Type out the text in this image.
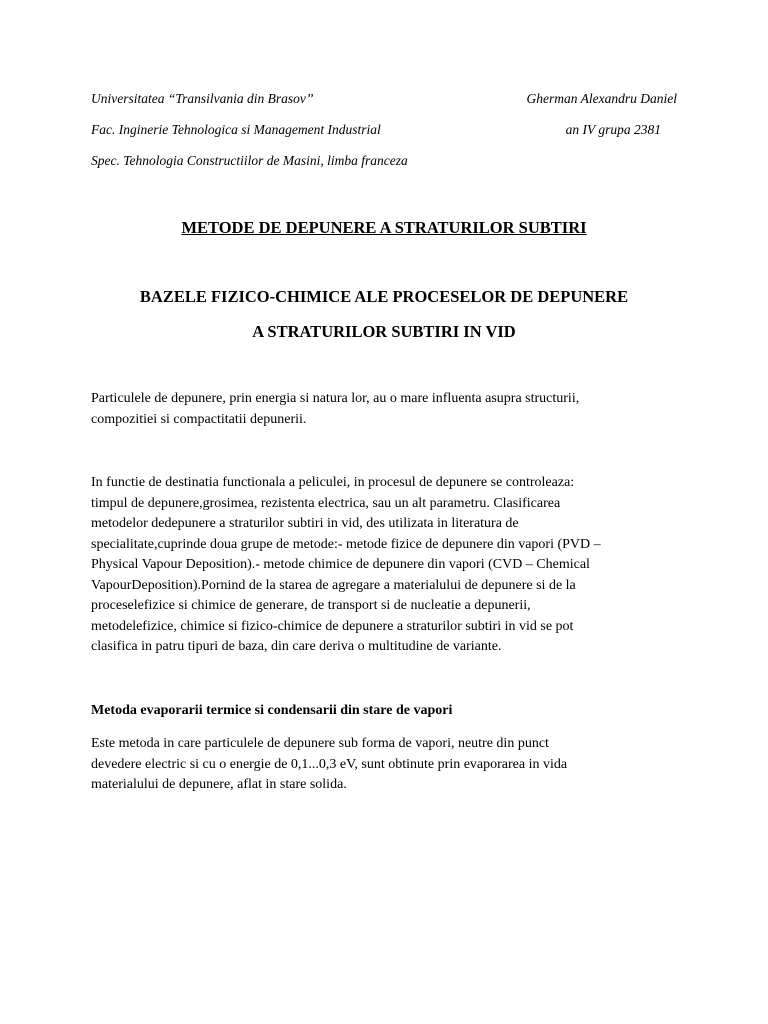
Universitatea “Transilvania din Brasov’’	Gherman Alexandru Daniel
Fac. Inginerie Tehnologica si Management Industrial	an IV grupa 2381
Spec. Tehnologia Constructiilor de Masini, limba franceza
METODE DE DEPUNERE A STRATURILOR SUBTIRI
BAZELE FIZICO-CHIMICE ALE PROCESELOR DE DEPUNERE
A STRATURILOR SUBTIRI IN VID
Particulele de depunere, prin energia si natura lor, au o mare influenta asupra structurii,
compozitiei si compactitatii depunerii.
In functie de destinatia functionala a peliculei, in procesul de depunere se controleaza:
timpul de depunere,grosimea, rezistenta electrica, sau un alt parametru. Clasificarea
metodelor dedepunere a straturilor subtiri in vid, des utilizata in literatura de
specialitate,cuprinde doua grupe de metode:- metode fizice de depunere din vapori (PVD –
Physical Vapour Deposition).- metode chimice de depunere din vapori (CVD – Chemical
VapourDeposition).Pornind de la starea de agregare a materialului de depunere si de la
proceselefizice si chimice de generare, de transport si de nucleatie a depunerii,
metodelefizice, chimice si fizico-chimice de depunere a straturilor subtiri in vid se pot
clasifica in patru tipuri de baza, din care deriva o multitudine de variante.
Metoda evaporarii termice si condensarii din stare de vapori
Este metoda in care particulele de depunere sub forma de vapori, neutre din punct
devedere electric si cu o energie de 0,1...0,3 eV, sunt obtinute prin evaporarea in vida
materialului de depunere, aflat in stare solida.
